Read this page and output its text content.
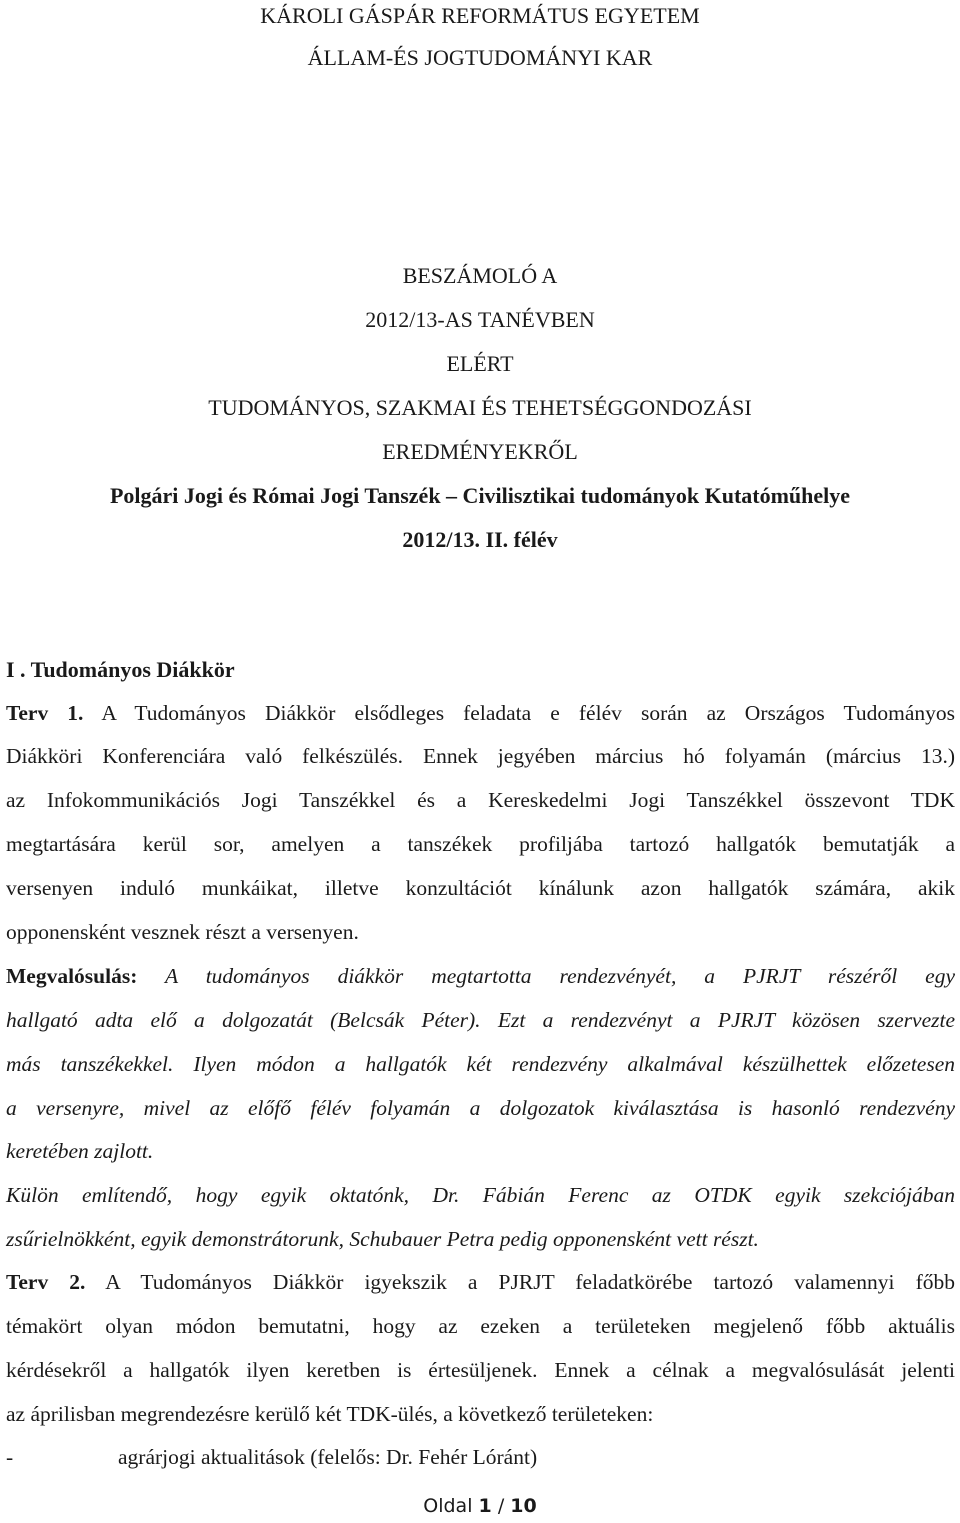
KÁROLI GÁSPÁR REFORMÁTUS EGYETEM
ÁLLAM-ÉS JOGTUDOMÁNYI KAR
BESZÁMOLÓ A
2012/13-AS TANÉVBEN
ELÉRT
TUDOMÁNYOS, SZAKMAI ÉS TEHETSÉGGONDOZÁSI
EREDMÉNYEKRŐL
Polgári Jogi és Római Jogi Tanszék – Civilisztikai tudományok Kutatóműhelye
2012/13. II. félév
I . Tudományos Diákkör
Terv 1. A Tudományos Diákkör elsődleges feladata e félév során az Országos Tudományos
Diákköri Konferenciára való felkészülés. Ennek jegyében március hó folyamán (március 13.)
az Infokommunikációs Jogi Tanszékkel és a Kereskedelmi Jogi Tanszékkel összevont TDK
megtartására kerül sor, amelyen a tanszékek profiljába tartozó hallgatók bemutatják a
versenyen induló munkáikat, illetve konzultációt kínálunk azon hallgatók számára, akik
opponensként vesznek részt a versenyen.
Megvalósulás: A tudományos diákkör megtartotta rendezvényét, a PJRJT részéről egy
hallgató adta elő a dolgozatát (Belcsák Péter). Ezt a rendezvényt a PJRJT közösen szervezte
más tanszékekkel. Ilyen módon a hallgatók két rendezvény alkalmával készülhettek előzetesen
a versenyre, mivel az előfő félév folyamán a dolgozatok kiválasztása is hasonló rendezvény
keretében zajlott.
Külön említendő, hogy egyik oktatónk, Dr. Fábián Ferenc az OTDK egyik szekciójában
zsűrielnökként, egyik demonstrátorunk, Schubauer Petra pedig opponensként vett részt.
Terv 2. A Tudományos Diákkör igyekszik a PJRJT feladatkörébe tartozó valamennyi főbb
témakört olyan módon bemutatni, hogy az ezeken a területeken megjelenő főbb aktuális
kérdésekről a hallgatók ilyen keretben is értesüljenek. Ennek a célnak a megvalósulását jelenti
az áprilisban megrendezésre kerülő két TDK-ülés, a következő területeken:
-	agrárjogi aktualitások (felelős: Dr. Fehér Lóránt)
Oldal 1 / 10
